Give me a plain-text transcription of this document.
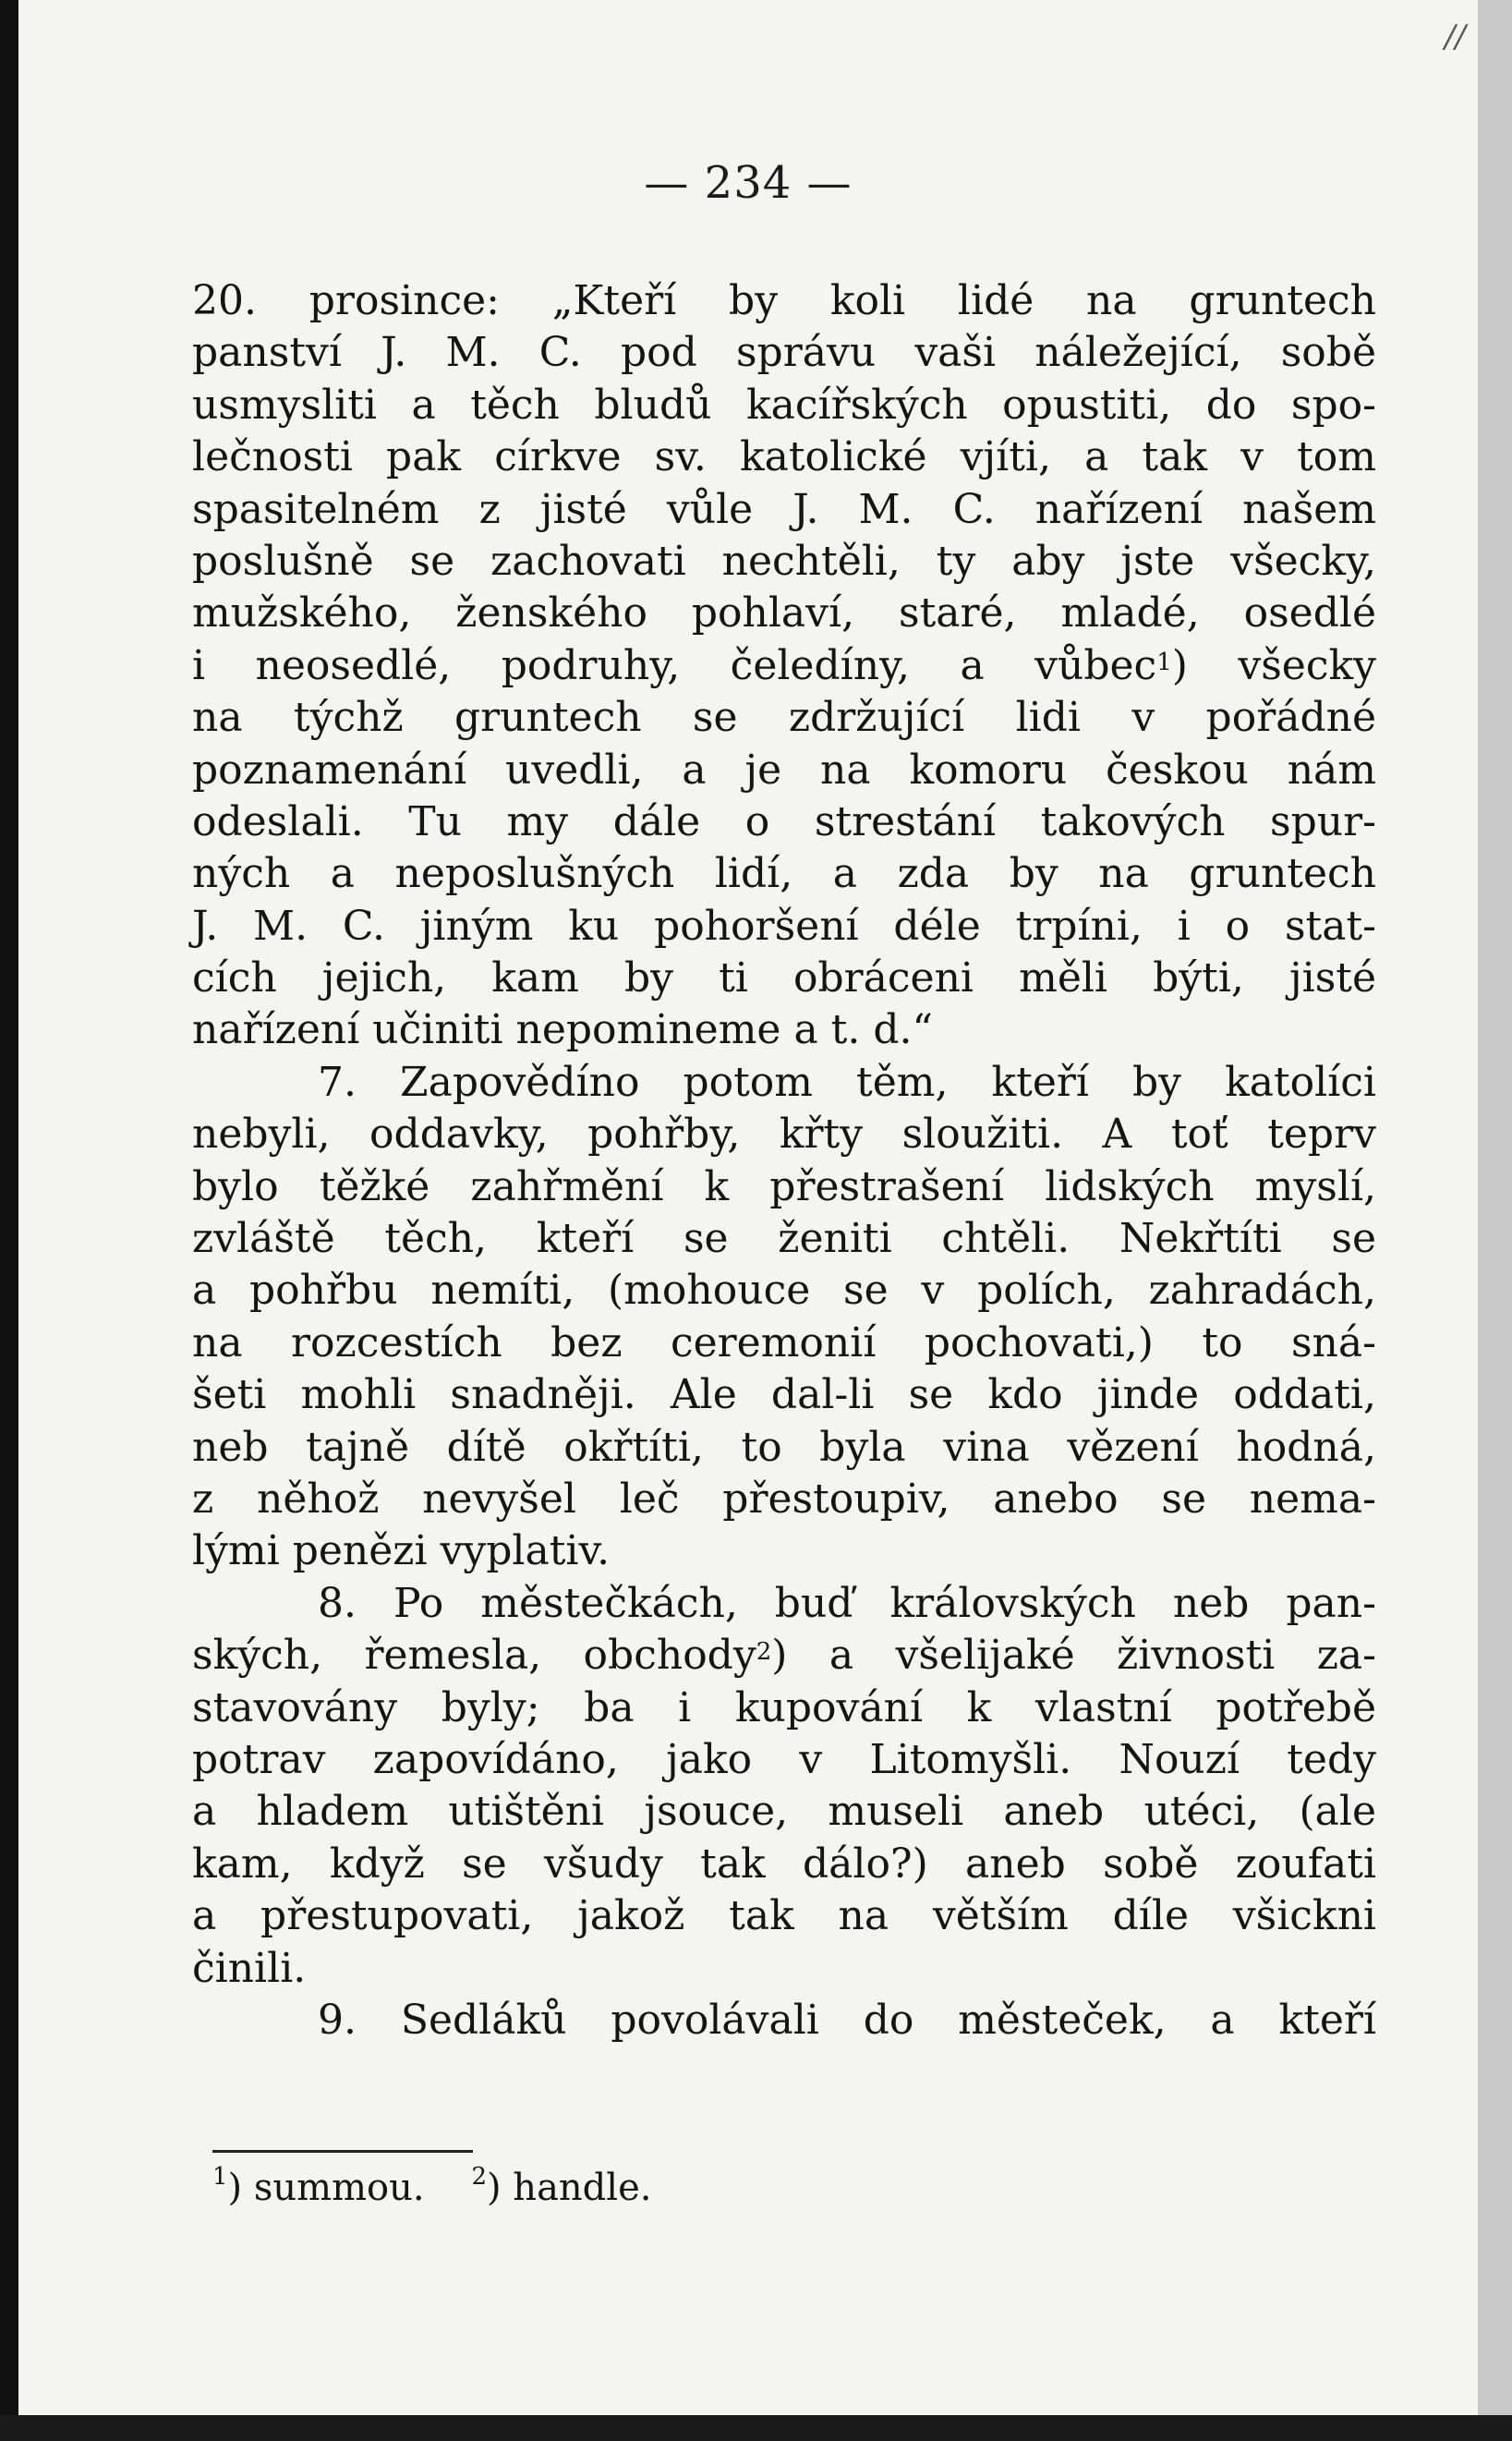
— 234 —
20. prosince: „Kteří by koli lidé na gruntech
panství J. M. C. pod správu vaši náležející, sobě
usmysliti a těch bludů kacířských opustiti, do spo-
lečnosti pak církve sv. katolické vjíti, a tak v tom
spasitelném z jisté vůle J. M. C. nařízení našem
poslušně se zachovati nechtěli, ty aby jste všecky,
mužského, ženského pohlaví, staré, mladé, osedlé
i neosedlé, podruhy, čeledíny, a vůbec$^1$) všecky
na týchž gruntech se zdržující lidi v pořádné
poznamenání uvedli, a je na komoru českou nám
odeslali. Tu my dále o strestání takových spur-
ných a neposlušných lidí, a zda by na gruntech
J. M. C. jiným ku pohoršení déle trpíni, i o stat-
cích jejich, kam by ti obráceni měli býti, jisté
nařízení učiniti nepomineme a t. d.“
7. Zapovědíno potom těm, kteří by katolíci
nebyli, oddavky, pohřby, křty sloužiti. A toť teprv
bylo těžké zahřmění k přestrašení lidských myslí,
zvláště těch, kteří se ženiti chtěli. Nekřtíti se
a pohřbu nemíti, (mohouce se v polích, zahradách,
na rozcestích bez ceremonií pochovati,) to sná-
šeti mohli snadněji. Ale dal-li se kdo jinde oddati,
neb tajně dítě okřtíti, to byla vina vězení hodná,
z něhož nevyšel leč přestoupiv, anebo se nema-
lými penězi vyplativ.
8. Po městečkách, buď královských neb pan-
ských, řemesla, obchody$^2$) a všelijaké živnosti za-
stavovány byly; ba i kupování k vlastní potřebě
potrav zapovídáno, jako v Litomyšli. Nouzí tedy
a hladem utištěni jsouce, museli aneb utéci, (ale
kam, když se všudy tak dálo?) aneb sobě zoufati
a přestupovati, jakož tak na větším díle všickni
činili.
9. Sedláků povolávali do městeček, a kteří
$^1$) summou. $^2$) handle.
//
